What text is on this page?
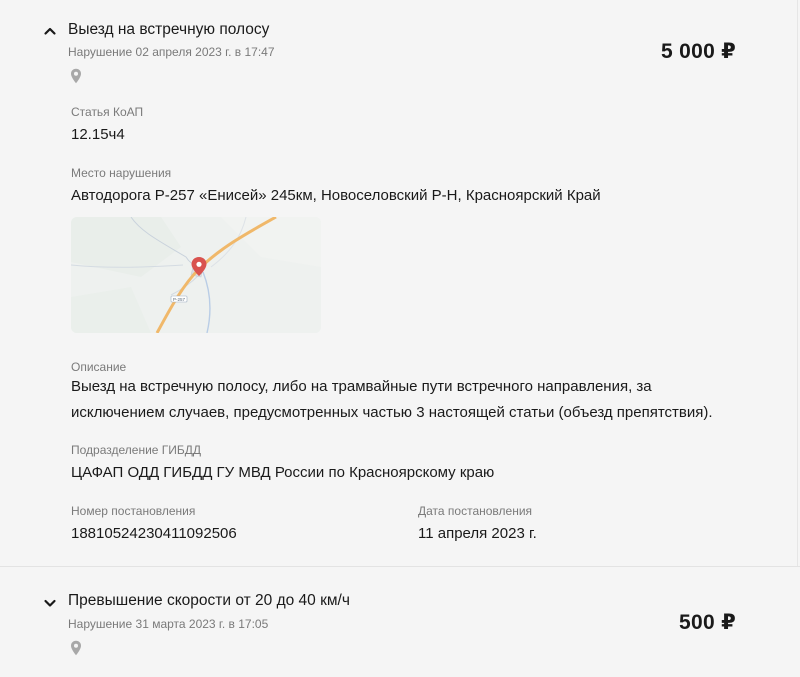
Выезд на встречную полосу
Нарушение 02 апреля 2023 г. в 17:47	5 000 ₽
Статья КоАП
12.15ч4
Место нарушения
Автодорога Р-257 «Енисей» 245км, Новоселовский Р-Н, Красноярский Край
Р-257
Описание
Выезд на встречную полосу, либо на трамвайные пути встречного направления, за исключением случаев, предусмотренных частью 3 настоящей статьи (объезд препятствия).
Подразделение ГИБДД
ЦАФАП ОДД ГИБДД ГУ МВД России по Красноярскому краю
Номер постановления
18810524230411092506
Дата постановления
11 апреля 2023 г.
Превышение скорости от 20 до 40 км/ч
Нарушение 31 марта 2023 г. в 17:05	500 ₽
